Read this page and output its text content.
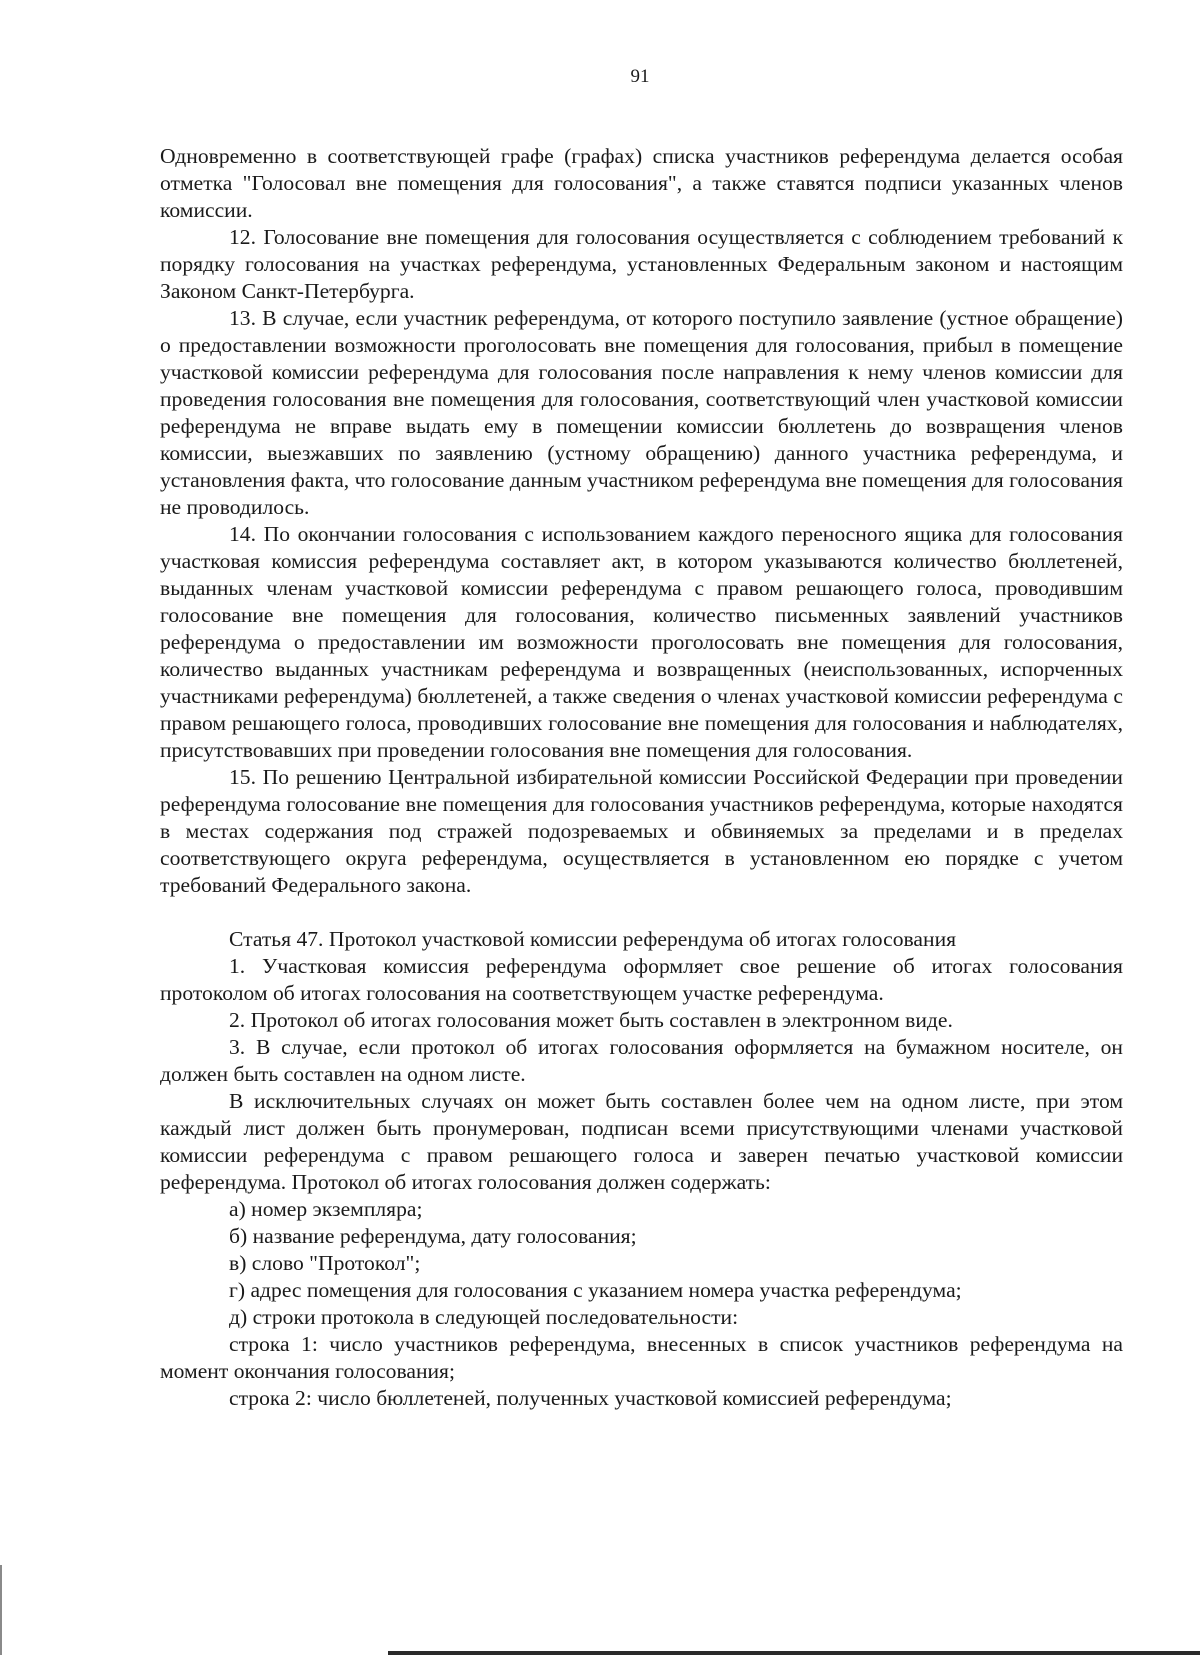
91

Одновременно в соответствующей графе (графах) списка участников референдума делается особая отметка "Голосовал вне помещения для голосования", а также ставятся подписи указанных членов комиссии.

12. Голосование вне помещения для голосования осуществляется с соблюдением требований к порядку голосования на участках референдума, установленных Федеральным законом и настоящим Законом Санкт-Петербурга.

13. В случае, если участник референдума, от которого поступило заявление (устное обращение) о предоставлении возможности проголосовать вне помещения для голосования, прибыл в помещение участковой комиссии референдума для голосования после направления к нему членов комиссии для проведения голосования вне помещения для голосования, соответствующий член участковой комиссии референдума не вправе выдать ему в помещении комиссии бюллетень до возвращения членов комиссии, выезжавших по заявлению (устному обращению) данного участника референдума, и установления факта, что голосование данным участником референдума вне помещения для голосования не проводилось.

14. По окончании голосования с использованием каждого переносного ящика для голосования участковая комиссия референдума составляет акт, в котором указываются количество бюллетеней, выданных членам участковой комиссии референдума с правом решающего голоса, проводившим голосование вне помещения для голосования, количество письменных заявлений участников референдума о предоставлении им возможности проголосовать вне помещения для голосования, количество выданных участникам референдума и возвращенных (неиспользованных, испорченных участниками референдума) бюллетеней, а также сведения о членах участковой комиссии референдума с правом решающего голоса, проводивших голосование вне помещения для голосования и наблюдателях, присутствовавших при проведении голосования вне помещения для голосования.

15. По решению Центральной избирательной комиссии Российской Федерации при проведении референдума голосование вне помещения для голосования участников референдума, которые находятся в местах содержания под стражей подозреваемых и обвиняемых за пределами и в пределах соответствующего округа референдума, осуществляется в установленном ею порядке с учетом требований Федерального закона.

Статья 47. Протокол участковой комиссии референдума об итогах голосования

1. Участковая комиссия референдума оформляет свое решение об итогах голосования протоколом об итогах голосования на соответствующем участке референдума.

2. Протокол об итогах голосования может быть составлен в электронном виде.

3. В случае, если протокол об итогах голосования оформляется на бумажном носителе, он должен быть составлен на одном листе.

В исключительных случаях он может быть составлен более чем на одном листе, при этом каждый лист должен быть пронумерован, подписан всеми присутствующими членами участковой комиссии референдума с правом решающего голоса и заверен печатью участковой комиссии референдума. Протокол об итогах голосования должен содержать:

а) номер экземпляра;

б) название референдума, дату голосования;

в) слово "Протокол";

г) адрес помещения для голосования с указанием номера участка референдума;

д) строки протокола в следующей последовательности:

строка 1: число участников референдума, внесенных в список участников референдума на момент окончания голосования;

строка 2: число бюллетеней, полученных участковой комиссией референдума;
